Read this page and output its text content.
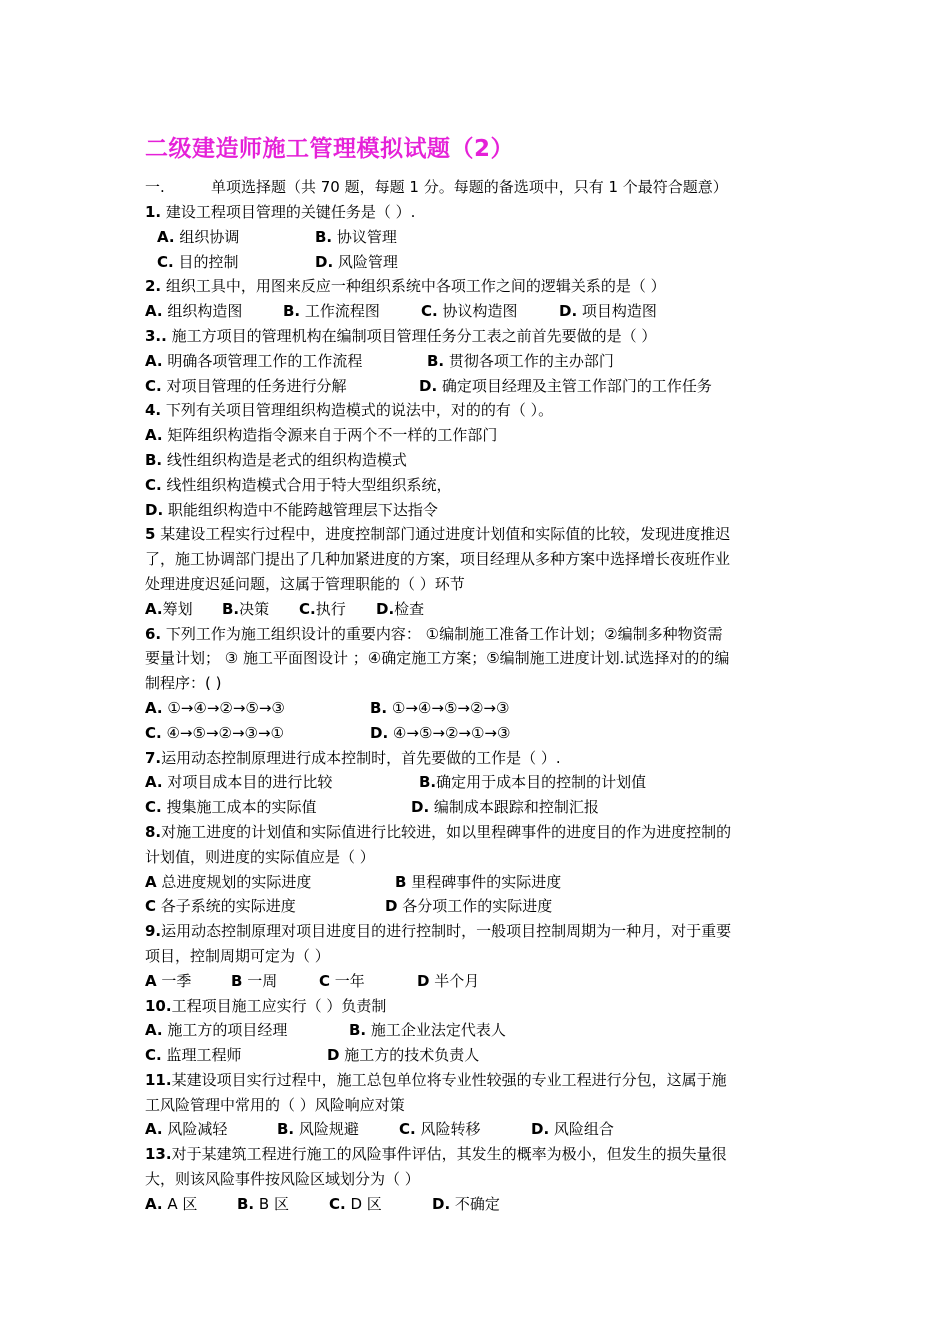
二级建造师施工管理模拟试题（2）
一.	单项选择题（共 70 题，每题 1 分。每题的备选项中，只有 1 个最符合题意）
1. 建设工程项目管理的关键任务是（ ）.
A. 组织协调	B. 协议管理
C. 目的控制	D. 风险管理
2. 组织工具中，用图来反应一种组织系统中各项工作之间的逻辑关系的是（ ）
A. 组织构造图	B. 工作流程图	C. 协议构造图	D. 项目构造图
3.. 施工方项目的管理机构在编制项目管理任务分工表之前首先要做的是（ ）
A. 明确各项管理工作的工作流程	B. 贯彻各项工作的主办部门
C. 对项目管理的任务进行分解	D. 确定项目经理及主管工作部门的工作任务
4. 下列有关项目管理组织构造模式的说法中，对的的有（ ）。
A. 矩阵组织构造指令源来自于两个不一样的工作部门
B. 线性组织构造是老式的组织构造模式
C. 线性组织构造模式合用于特大型组织系统，
D. 职能组织构造中不能跨越管理层下达指令
5 某建设工程实行过程中，进度控制部门通过进度计划值和实际值的比较，发现进度推迟
了，施工协调部门提出了几种加紧进度的方案，项目经理从多种方案中选择增长夜班作业
处理进度迟延问题，这属于管理职能的（ ）环节
A.筹划 B.决策 C.执行 D.检查
6. 下列工作为施工组织设计的重要内容： ①编制施工准备工作计划；②编制多种物资需
要量计划； ③ 施工平面图设计 ；④确定施工方案；⑤编制施工进度计划.试选择对的的编
制程序：( )
A. ①→④→②→⑤→③	B. ①→④→⑤→②→③
C. ④→⑤→②→③→①	D. ④→⑤→②→①→③
7.运用动态控制原理进行成本控制时，首先要做的工作是（ ）.
A. 对项目成本目的进行比较	B.确定用于成本目的控制的计划值
C. 搜集施工成本的实际值	D. 编制成本跟踪和控制汇报
8.对施工进度的计划值和实际值进行比较进，如以里程碑事件的进度目的作为进度控制的
计划值，则进度的实际值应是（ ）
A 总进度规划的实际进度	B 里程碑事件的实际进度
C 各子系统的实际进度	D 各分项工作的实际进度
9.运用动态控制原理对项目进度目的进行控制时，一般项目控制周期为一种月，对于重要
项目，控制周期可定为（ ）
A 一季	B 一周	C 一年	D 半个月
10.工程项目施工应实行（ ）负责制
A. 施工方的项目经理	B. 施工企业法定代表人
C. 监理工程师	D 施工方的技术负责人
11.某建设项目实行过程中，施工总包单位将专业性较强的专业工程进行分包，这属于施
工风险管理中常用的（ ）风险响应对策
A. 风险减轻	B. 风险规避	C. 风险转移	D. 风险组合
13.对于某建筑工程进行施工的风险事件评估，其发生的概率为极小，但发生的损失量很
大，则该风险事件按风险区域划分为（ ）
A. A 区	B. B 区	C. D 区	D. 不确定
